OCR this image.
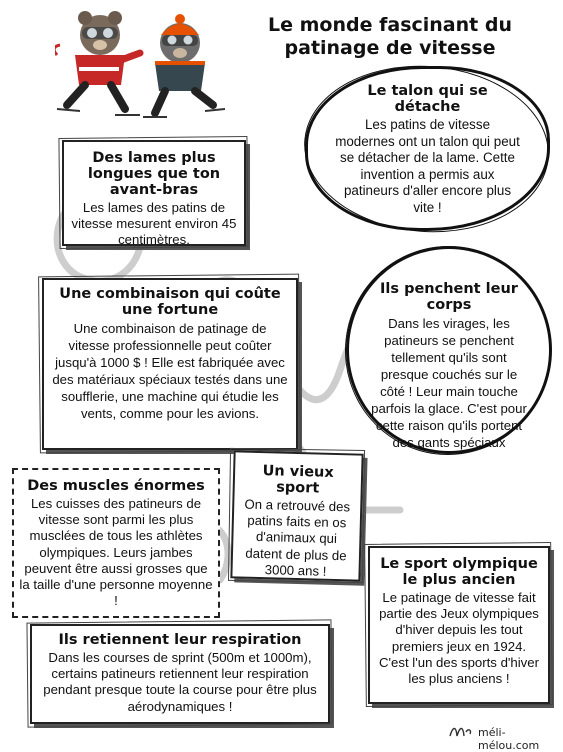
Le monde fascinant du patinage de vitesse
Le talon qui se détache

Les patins de vitesse modernes ont un talon qui peut se détacher de la lame. Cette invention a permis aux patineurs d'aller encore plus vite !

Des lames plus longues que ton avant-bras

Les lames des patins de vitesse mesurent environ 45 centimètres.

Une combinaison qui coûte une fortune

Une combinaison de patinage de vitesse professionnelle peut coûter jusqu'à 1000 $ ! Elle est fabriquée avec des matériaux spéciaux testés dans une soufflerie, une machine qui étudie les vents, comme pour les avions.

Ils penchent leur corps

Dans les virages, les patineurs se penchent tellement qu'ils sont presque couchés sur le côté ! Leur main touche parfois la glace. C'est pour cette raison qu'ils portent des gants spéciaux

Des muscles énormes

Les cuisses des patineurs de vitesse sont parmi les plus musclées de tous les athlètes olympiques. Leurs jambes peuvent être aussi grosses que la taille d'une personne moyenne !

Un vieux sport

On a retrouvé des patins faits en os d'animaux qui datent de plus de 3000 ans !	Le sport olympique le plus ancien

Le patinage de vitesse fait partie des Jeux olympiques d'hiver depuis les tout premiers jeux en 1924. C'est l'un des sports d'hiver les plus anciens !

Ils retiennent leur respiration

Dans les courses de sprint (500m et 1000m), certains patineurs retiennent leur respiration pendant presque toute la course pour être plus aérodynamiques !

méli-mélou.com
